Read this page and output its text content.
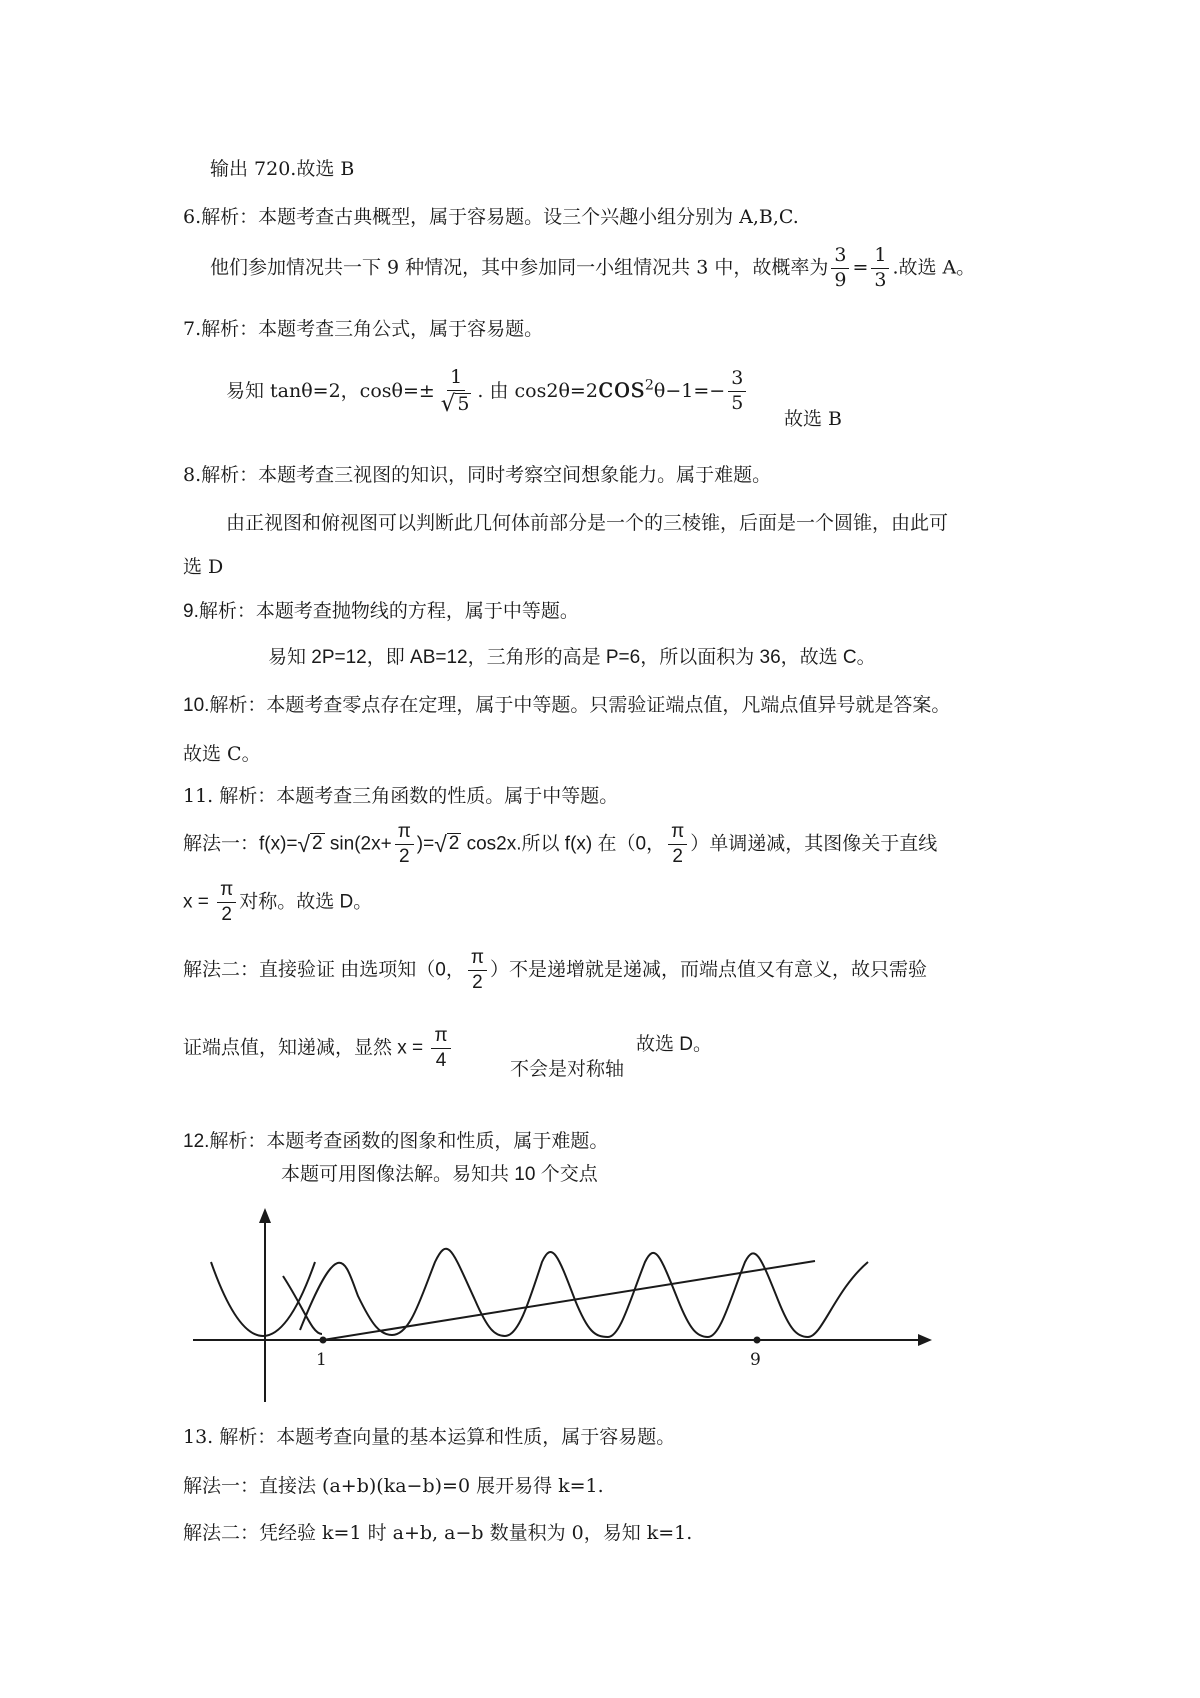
输出 720.故选 B
6.解析：本题考查古典概型，属于容易题。设三个兴趣小组分别为 A,B,C.
他们参加情况共一下 9 种情况，其中参加同一小组情况共 3 中，故概率为 $\frac{3}{9} = \frac{1}{3}$ .故选 A。
7.解析：本题考查三角公式，属于容易题。
易知 tanθ=2，$\cos\theta=\pm \frac{1}{√ 5}$ . 由 $\cos 2\theta=2\cos^2\theta-1=- \frac{3}{5}$
故选 B
8.解析：本题考查三视图的知识，同时考察空间想象能力。属于难题。
由正视图和俯视图可以判断此几何体前部分是一个的三棱锥，后面是一个圆锥，由此可
选 D
9.解析：本题考查抛物线的方程，属于中等题。
易知 2P=12，即 AB=12，三角形的高是 P=6，所以面积为 36，故选 C。
10.解析：本题考查零点存在定理，属于中等题。只需验证端点值，凡端点值异号就是答案。
故选 C。
11. 解析：本题考查三角函数的性质。属于中等题。
解法一：f(x)= √ 2 $\sin(2x+ \frac{\pi}{2}$ )= √ 2 cos2x.所以 f(x) 在（0， $\frac{\pi}{2}$ ）单调递减，其图像关于直线
$x = \frac{\pi}{2}$ 对称。故选 D。
解法二：直接验证 由选项知（0， $\frac{\pi}{2}$ ）不是递增就是递减，而端点值又有意义，故只需验
证端点值，知递减，显然 $x = \frac{\pi}{4}$	故选 D。
不会是对称轴
12.解析：本题考查函数的图象和性质，属于难题。
本题可用图像法解。易知共 10 个交点
1	9
13. 解析：本题考查向量的基本运算和性质，属于容易题。
解法一：直接法 (a+b)(ka−b)=0 展开易得 k=1.
解法二：凭经验 k=1 时 a+b, a−b 数量积为 0，易知 k=1.
